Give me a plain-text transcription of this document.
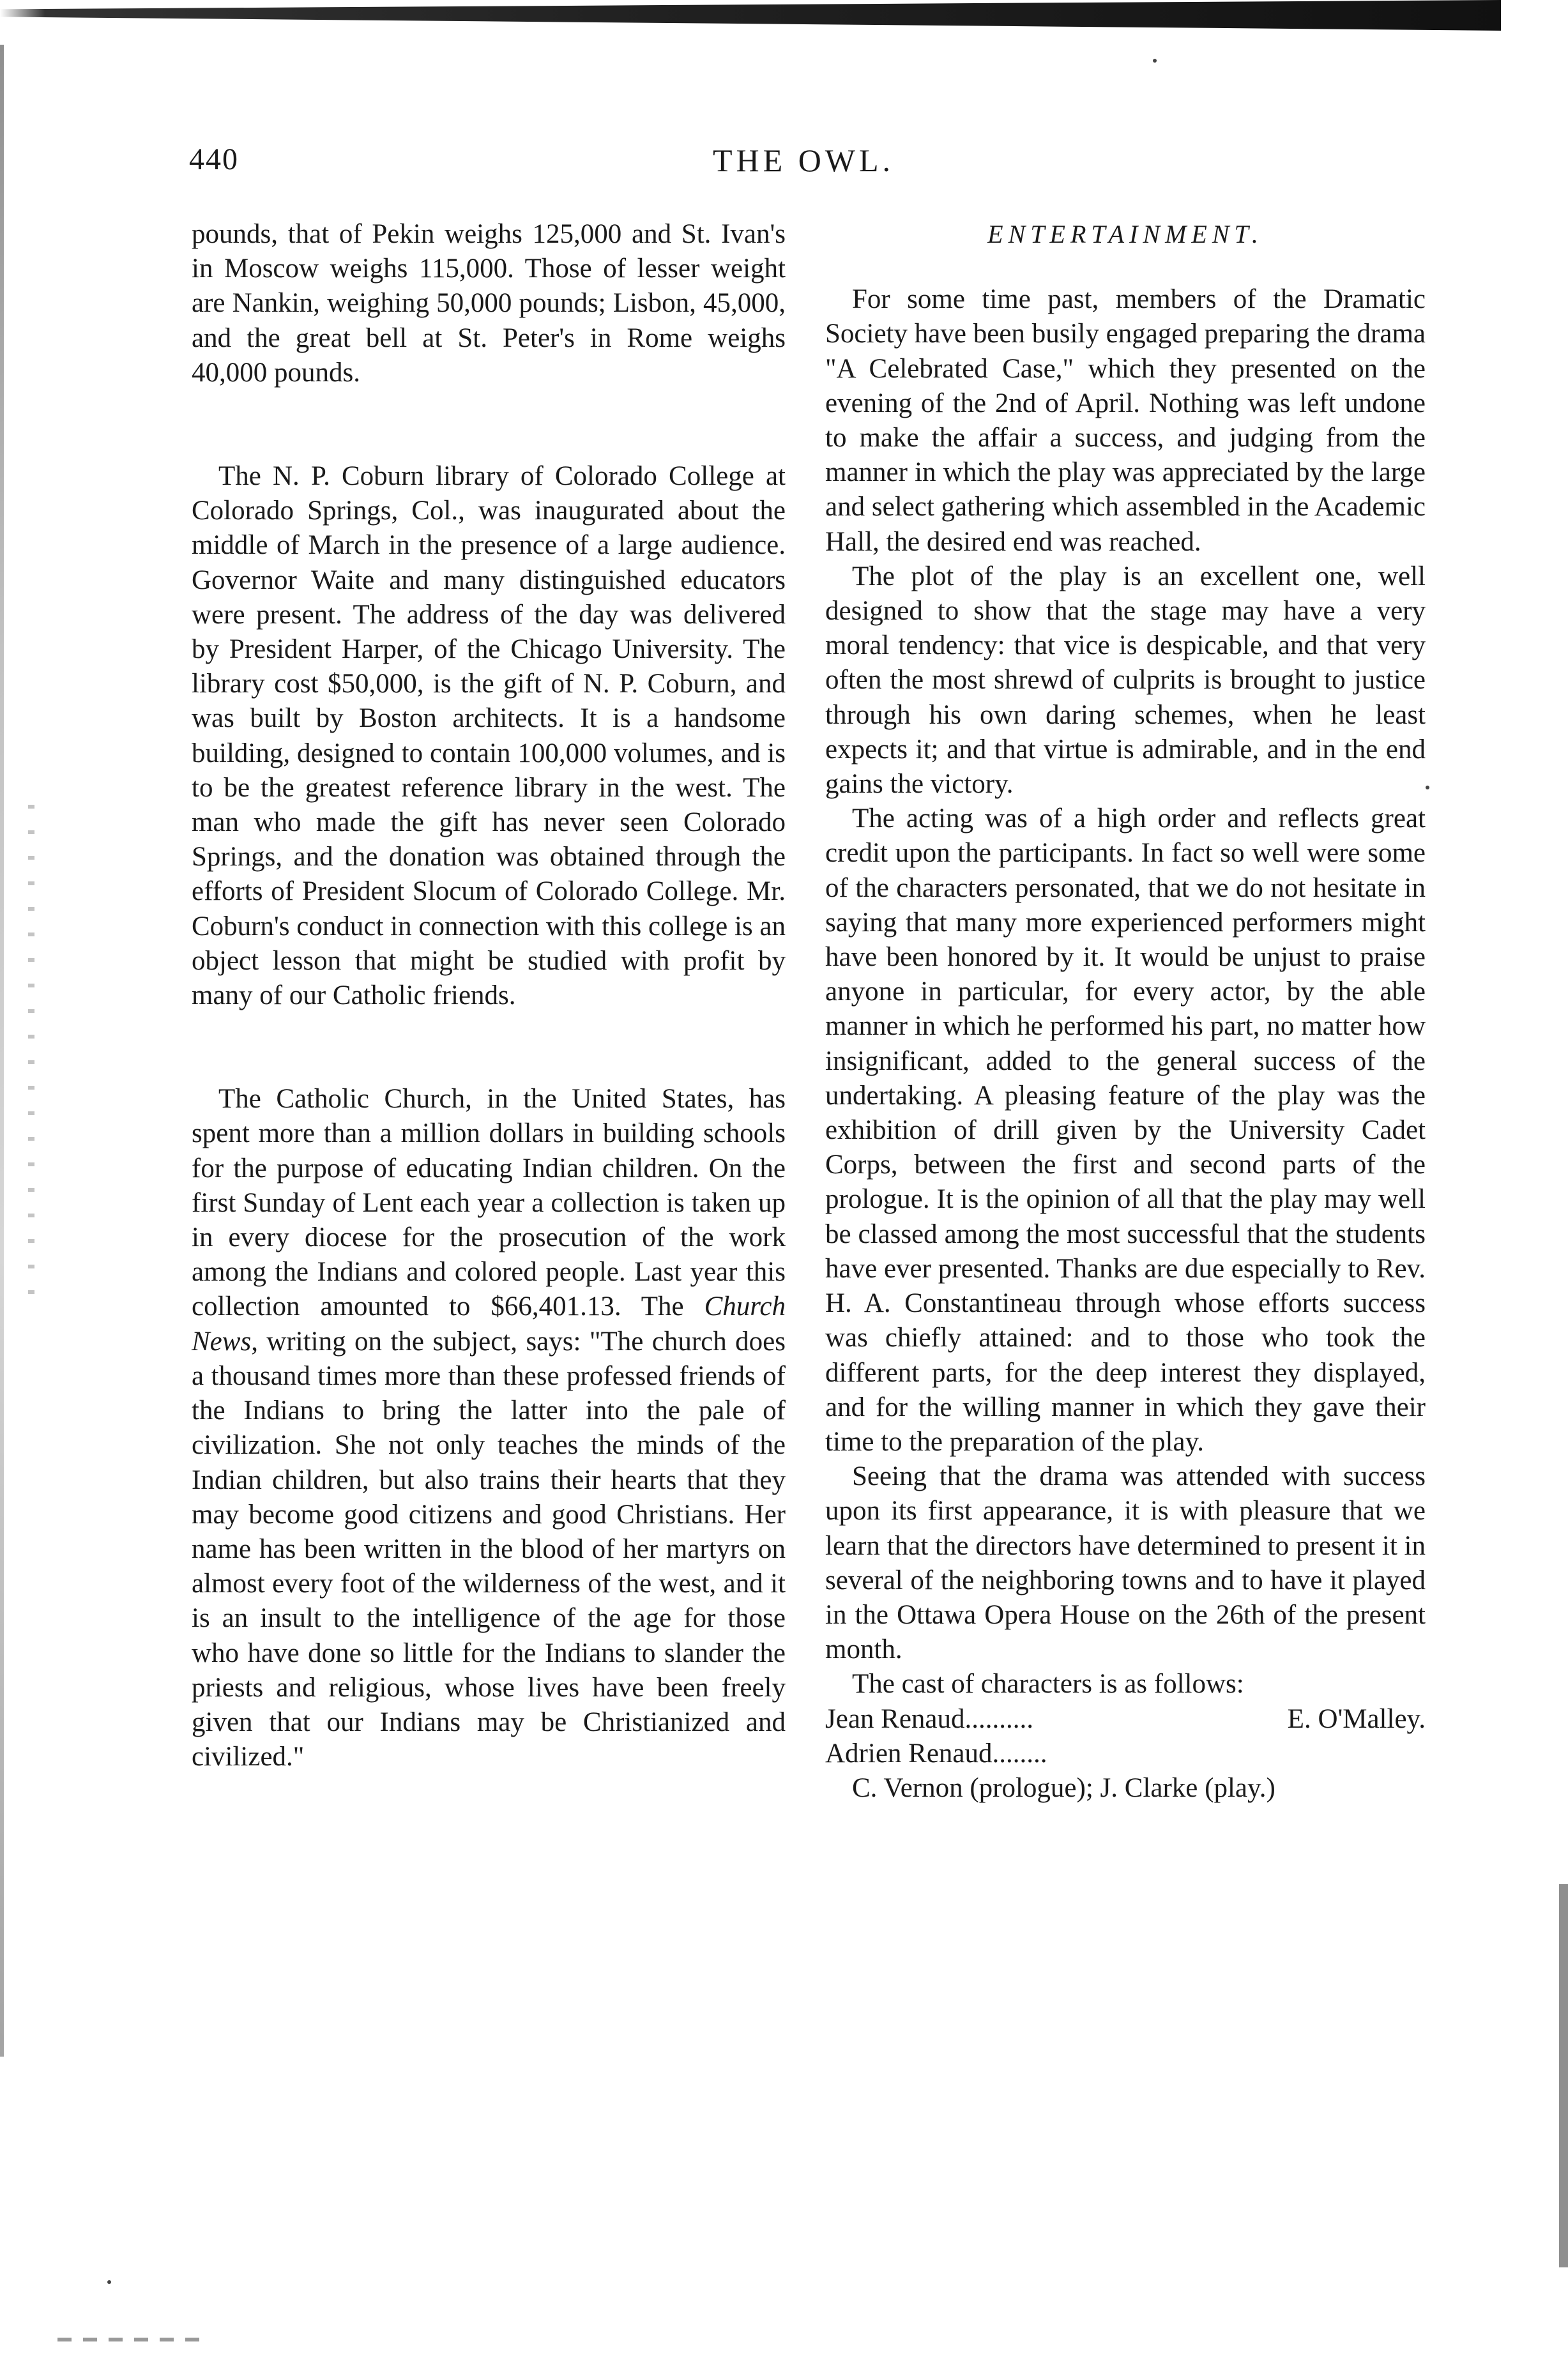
440	THE OWL.

pounds, that of Pekin weighs 125,000 and St. Ivan's in Moscow weighs 115,000. Those of lesser weight are Nankin, weighing 50,000 pounds; Lisbon, 45,000, and the great bell at St. Peter's in Rome weighs 40,000 pounds.

The N. P. Coburn library of Colorado College at Colorado Springs, Col., was inaugurated about the middle of March in the presence of a large audience. Governor Waite and many distinguished educators were present. The address of the day was delivered by President Harper, of the Chicago University. The library cost $50,000, is the gift of N. P. Coburn, and was built by Boston architects. It is a handsome building, designed to contain 100,000 volumes, and is to be the greatest reference library in the west. The man who made the gift has never seen Colorado Springs, and the donation was obtained through the efforts of President Slocum of Colorado College. Mr. Coburn's conduct in connection with this college is an object lesson that might be studied with profit by many of our Catholic friends.

The Catholic Church, in the United States, has spent more than a million dollars in building schools for the purpose of educating Indian children. On the first Sunday of Lent each year a collection is taken up in every diocese for the prosecution of the work among the Indians and colored people. Last year this collection amounted to $66,401.13. The Church News, writing on the subject, says: "The church does a thousand times more than these professed friends of the Indians to bring the latter into the pale of civilization. She not only teaches the minds of the Indian children, but also trains their hearts that they may become good citizens and good Christians. Her name has been written in the blood of her martyrs on almost every foot of the wilderness of the west, and it is an insult to the intelligence of the age for those who have done so little for the Indians to slander the priests and religious, whose lives have been freely given that our Indians may be Christianized and civilized."

ENTERTAINMENT.

For some time past, members of the Dramatic Society have been busily engaged preparing the drama "A Celebrated Case," which they presented on the evening of the 2nd of April. Nothing was left undone to make the affair a success, and judging from the manner in which the play was appreciated by the large and select gathering which assembled in the Academic Hall, the desired end was reached.

The plot of the play is an excellent one, well designed to show that the stage may have a very moral tendency: that vice is despicable, and that very often the most shrewd of culprits is brought to justice through his own daring schemes, when he least expects it; and that virtue is admirable, and in the end gains the victory.

The acting was of a high order and reflects great credit upon the participants. In fact so well were some of the characters personated, that we do not hesitate in saying that many more experienced performers might have been honored by it. It would be unjust to praise anyone in particular, for every actor, by the able manner in which he performed his part, no matter how insignificant, added to the general success of the undertaking. A pleasing feature of the play was the exhibition of drill given by the University Cadet Corps, between the first and second parts of the prologue. It is the opinion of all that the play may well be classed among the most successful that the students have ever presented. Thanks are due especially to Rev. H. A. Constantineau through whose efforts success was chiefly attained: and to those who took the different parts, for the deep interest they displayed, and for the willing manner in which they gave their time to the preparation of the play.

Seeing that the drama was attended with success upon its first appearance, it is with pleasure that we learn that the directors have determined to present it in several of the neighboring towns and to have it played in the Ottawa Opera House on the 26th of the present month.

The cast of characters is as follows:

Jean Renaud..........	E. O'Malley.
Adrien Renaud........
C. Vernon (prologue); J. Clarke (play.)
